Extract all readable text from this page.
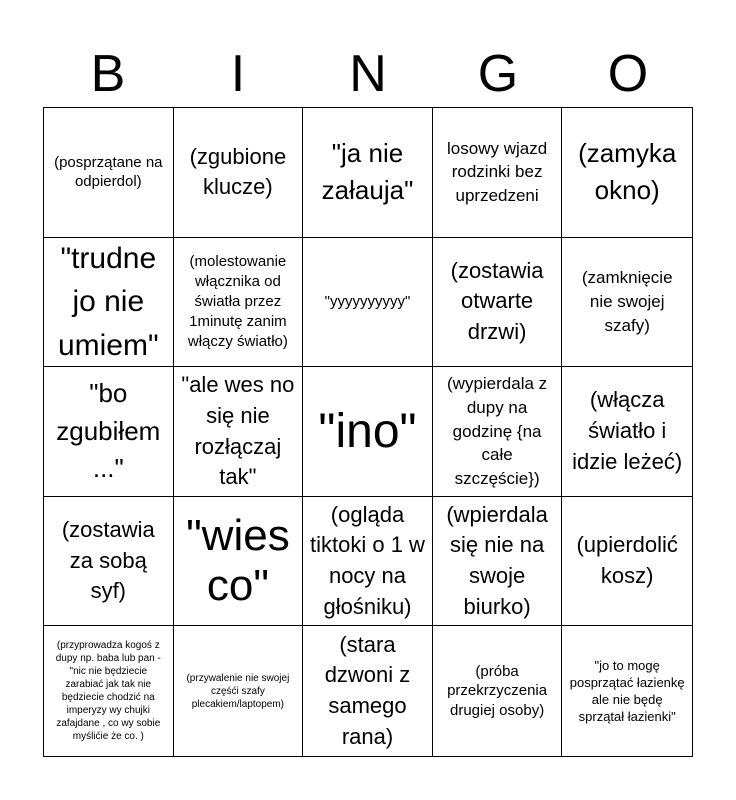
B	I	N	G	O
(posprzątane na odpierdol)
(zgubione klucze)
"ja nie załauja"
losowy wjazd rodzinki bez uprzedzeni
(zamyka okno)
"trudne jo nie umiem"
(molestowanie włącznika od światła przez 1minutę zanim włączy światło)
"yyyyyyyyyy"
(zostawia otwarte drzwi)
(zamknięcie nie swojej szafy)
"bo zgubiłem ..."
"ale wes no się nie rozłączaj tak"
"ino"
(wypierdala z dupy na godzinę {na całe szczęście})
(włącza światło i idzie leżeć)
(zostawia za sobą syf)
"wies co"
(ogląda tiktoki o 1 w nocy na głośniku)
(wpierdala się nie na swoje biurko)
(upierdolić kosz)
(przyprowadza kogoś z dupy np. baba lub pan - "nic nie będziecie zarabiać jak tak nie będziecie chodzić na imperyzy wy chujki zafajdane , co wy sobie myślićie że co. )
(przywalenie nie swojej częśći szafy plecakiem/laptopem)
(stara dzwoni z samego rana)
(próba przekrzyczenia drugiej osoby)
"jo to mogę posprzątać łazienkę ale nie będę sprzątał łazienki"
